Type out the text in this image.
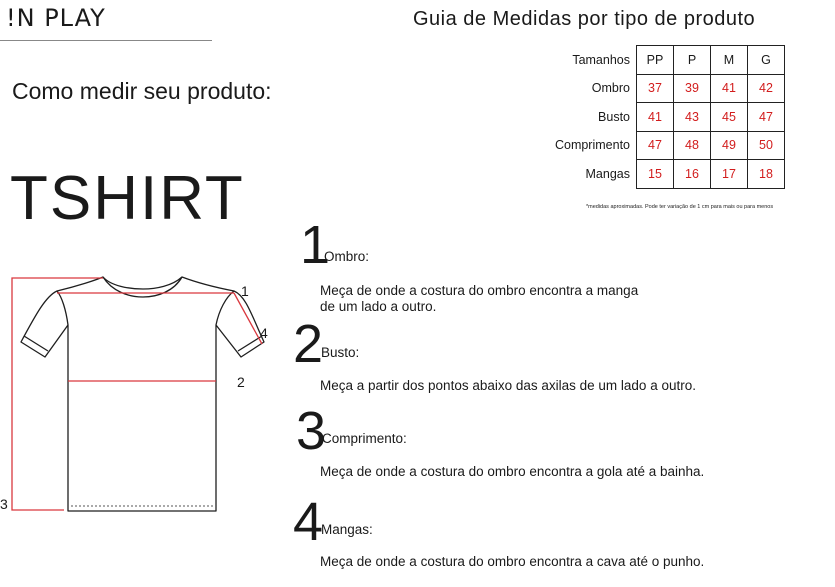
!N PLAY	Guia de Medidas por tipo de produto
Como medir seu produto:
TSHIRT
Tamanhos	PP	P	M	G
Ombro	37	39	41	42
Busto	41	43	45	47
Comprimento	47	48	49	50
Mangas	15	16	17	18
*medidas aproximadas. Pode ter variação de 1 cm para mais ou para menos
1
2
3
4
1
Ombro:
Meça de onde a costura do ombro encontra a manga
de um lado a outro.
2
Busto:
Meça a partir dos pontos abaixo das axilas de um lado a outro.
3
Comprimento:
Meça de onde a costura do ombro encontra a gola até a bainha.
4
Mangas:
Meça de onde a costura do ombro encontra a cava até o punho.
